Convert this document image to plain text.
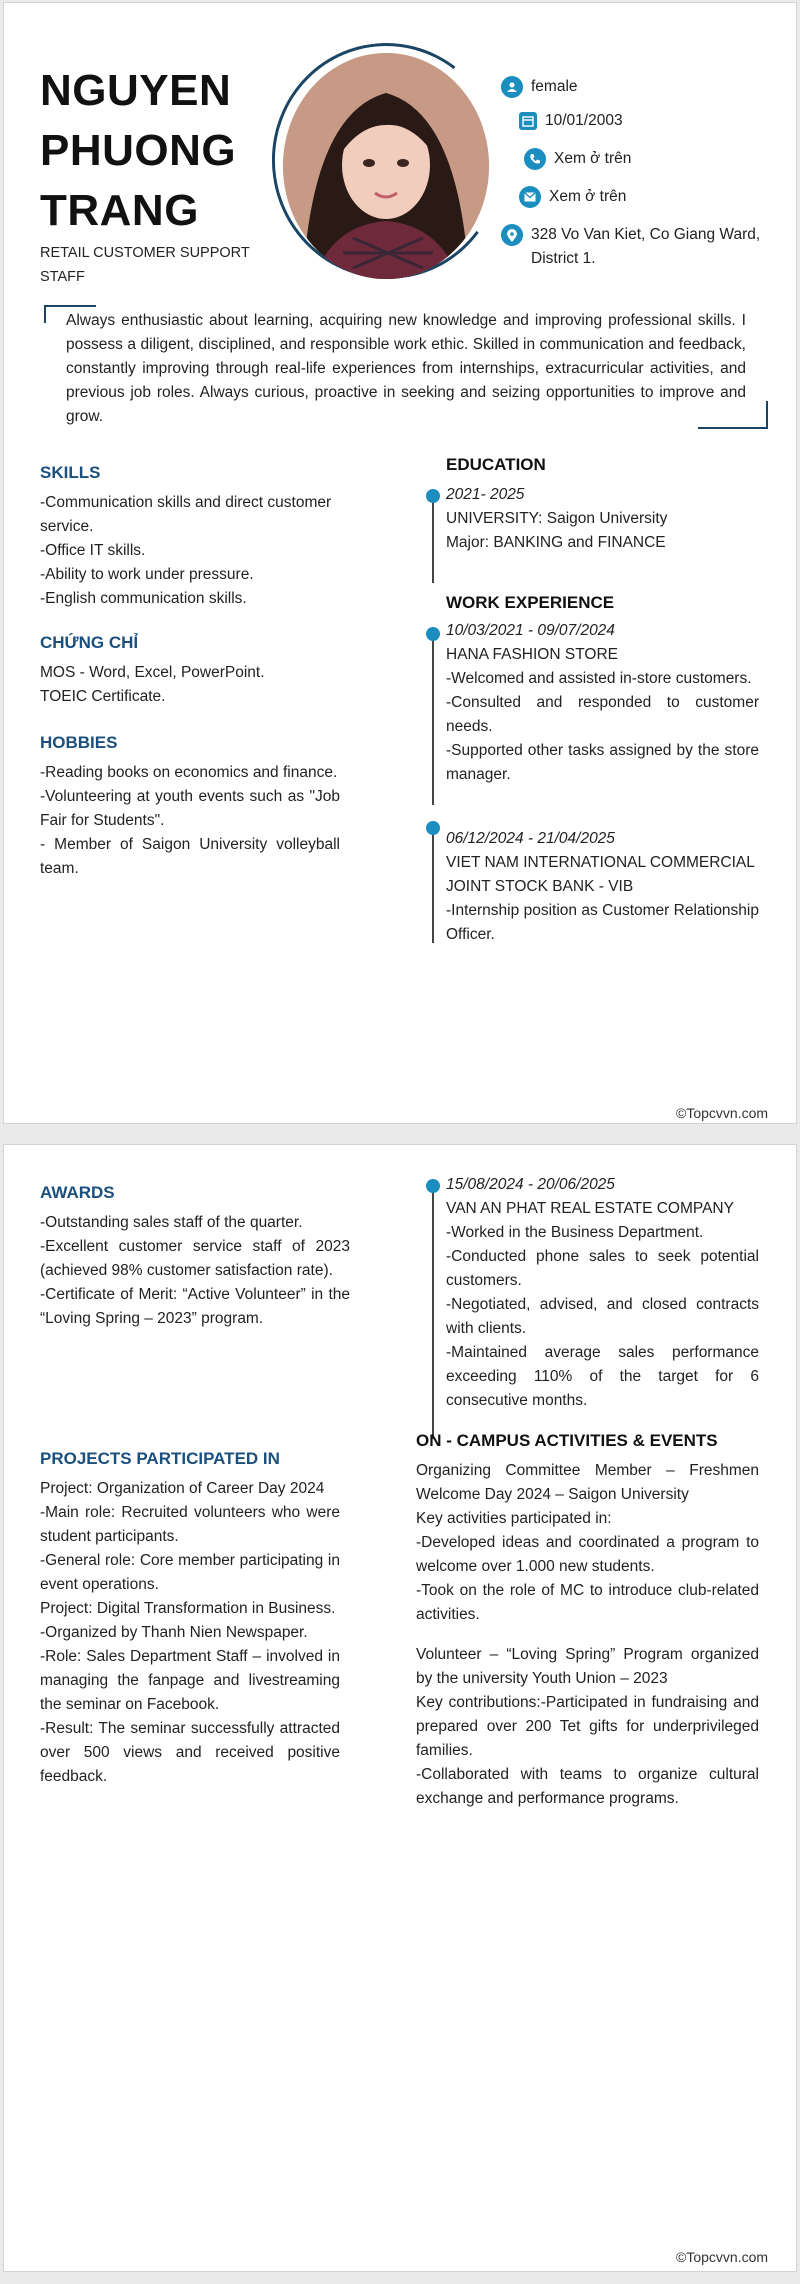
NGUYEN
PHUONG
TRANG
RETAIL CUSTOMER SUPPORT STAFF
female
10/01/2003
Xem ở trên
Xem ở trên
328 Vo Van Kiet, Co Giang Ward, District 1.
Always enthusiastic about learning, acquiring new knowledge and improving professional skills. I possess a diligent, disciplined, and responsible work ethic. Skilled in communication and feedback, constantly improving through real-life experiences from internships, extracurricular activities, and previous job roles. Always curious, proactive in seeking and seizing opportunities to improve and grow.
SKILLS
-Communication skills and direct customer service.
-Office IT skills.
-Ability to work under pressure.
-English communication skills.
CHỨNG CHỈ
MOS - Word, Excel, PowerPoint.
TOEIC Certificate.
HOBBIES
-Reading books on economics and finance.
-Volunteering at youth events such as "Job Fair for Students".
- Member of Saigon University volleyball team.
EDUCATION
2021- 2025
UNIVERSITY: Saigon University
Major: BANKING and FINANCE
WORK EXPERIENCE
10/03/2021 - 09/07/2024
HANA FASHION STORE
-Welcomed and assisted in-store customers.
-Consulted and responded to customer needs.
-Supported other tasks assigned by the store manager.
06/12/2024 - 21/04/2025
VIET NAM INTERNATIONAL COMMERCIAL JOINT STOCK BANK - VIB
-Internship position as Customer Relationship Officer.
©Topcvvn.com
AWARDS
-Outstanding sales staff of the quarter.
-Excellent customer service staff of 2023 (achieved 98% customer satisfaction rate).
-Certificate of Merit: “Active Volunteer” in the “Loving Spring – 2023” program.
PROJECTS PARTICIPATED IN
Project: Organization of Career Day 2024
-Main role: Recruited volunteers who were student participants.
-General role: Core member participating in event operations.
Project: Digital Transformation in Business.
-Organized by Thanh Nien Newspaper.
-Role: Sales Department Staff – involved in managing the fanpage and livestreaming the seminar on Facebook.
-Result: The seminar successfully attracted over 500 views and received positive feedback.
15/08/2024 - 20/06/2025
VAN AN PHAT REAL ESTATE COMPANY
-Worked in the Business Department.
-Conducted phone sales to seek potential customers.
-Negotiated, advised, and closed contracts with clients.
-Maintained average sales performance exceeding 110% of the target for 6 consecutive months.
ON - CAMPUS ACTIVITIES & EVENTS
Organizing Committee Member – Freshmen Welcome Day 2024 – Saigon University
Key activities participated in:
-Developed ideas and coordinated a program to welcome over 1.000 new students.
-Took on the role of MC to introduce club-related activities.
Volunteer – “Loving Spring” Program organized by the university Youth Union – 2023
Key contributions:-Participated in fundraising and prepared over 200 Tet gifts for underprivileged families.
-Collaborated with teams to organize cultural exchange and performance programs.
©Topcvvn.com
